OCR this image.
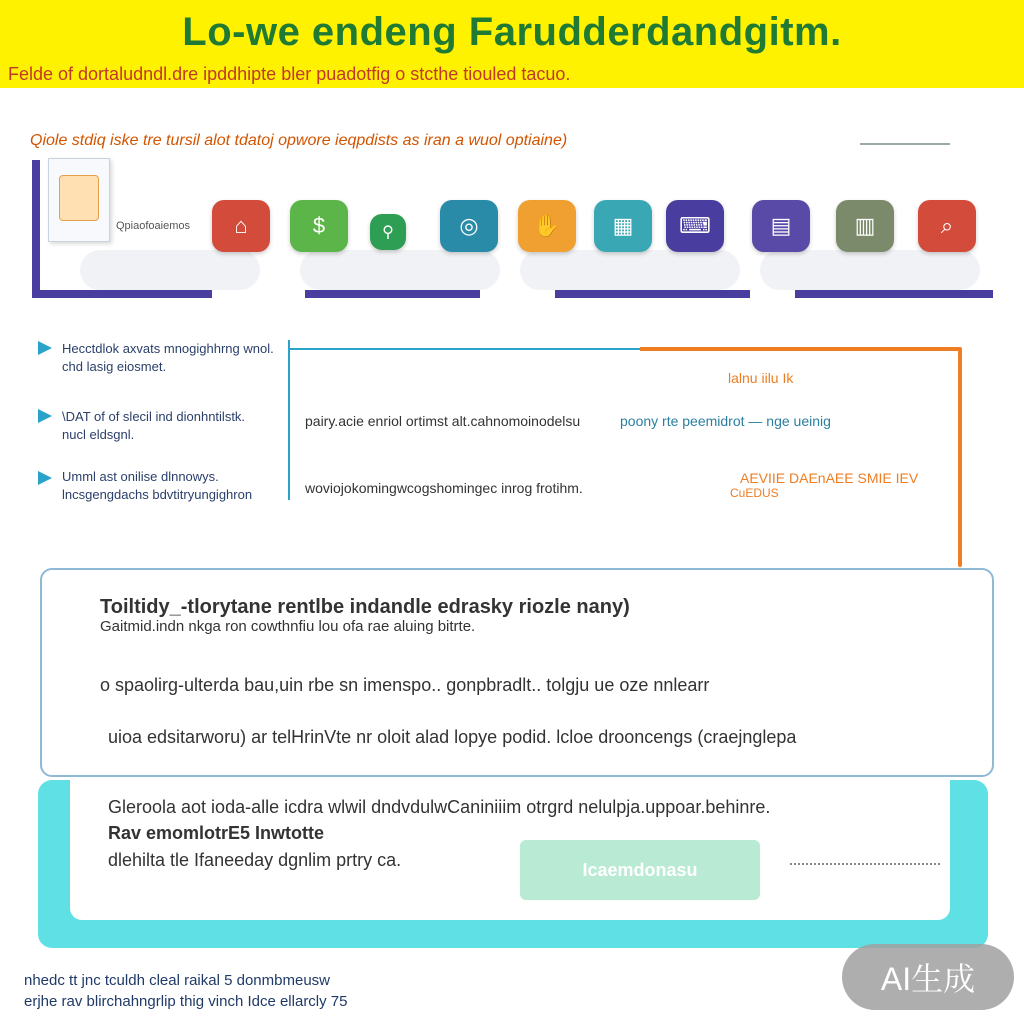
Lo-we endeng Farudderdandgitm.
Felde of dortaludndl.dre ipddhipte bler puadotfig o stcthe tiouled tacuo.
Qiole stdiq iske tre tursil alot tdatoj opwore ieqpdists as iran a wuol optiaine)
Qpiaofoaiemos	⌂	$	⚲	◎	✋	▦	⌨	▤	▥	⌕
Hecctdlok axvats mnogighhrng wnol.
chd lasig eiosmet.
\DAT of of slecil ind dionhntilstk.
nucl eldsgnl.
Umml ast onilise dlnnowys.
lncsgengdachs bdvtitryungighron
pairy.acie enriol ortimst alt.cahnomoinodelsu
woviojokomingwcogshomingec inrog frotihm.
lalnu iilu Ik
poony rte peemidrot — nge ueinig
AEVIIE DAEnAEE SMIE IEV
CuEDUS
Toiltidy_-tlorytane rentlbe indandle edrasky riozle nany)
Gaitmid.indn nkga ron cowthnfiu lou ofa rae aluing bitrte.
o spaolirg-ulterda bau,uin rbe sn imenspo.. gonpbradlt.. tolgju ue oze nnlearr
uioa edsitarworu) ar telHrinVte nr oloit alad lopye podid. lcloe drooncengs (craejnglepa
Gleroola aot ioda-alle icdra wlwil dndvdulwCaniniiim otrgrd nelulpja.uppoar.behinre.
Rav emomlotrE5 Inwtotte
dlehilta tle Ifaneeday dgnlim prtry ca.	Icaemdonasu
nhedc tt jnc tculdh cleal raikal 5 donmbmeusw
erjhe rav blirchahngrlip thig vinch Idce ellarcly 75
AI生成
